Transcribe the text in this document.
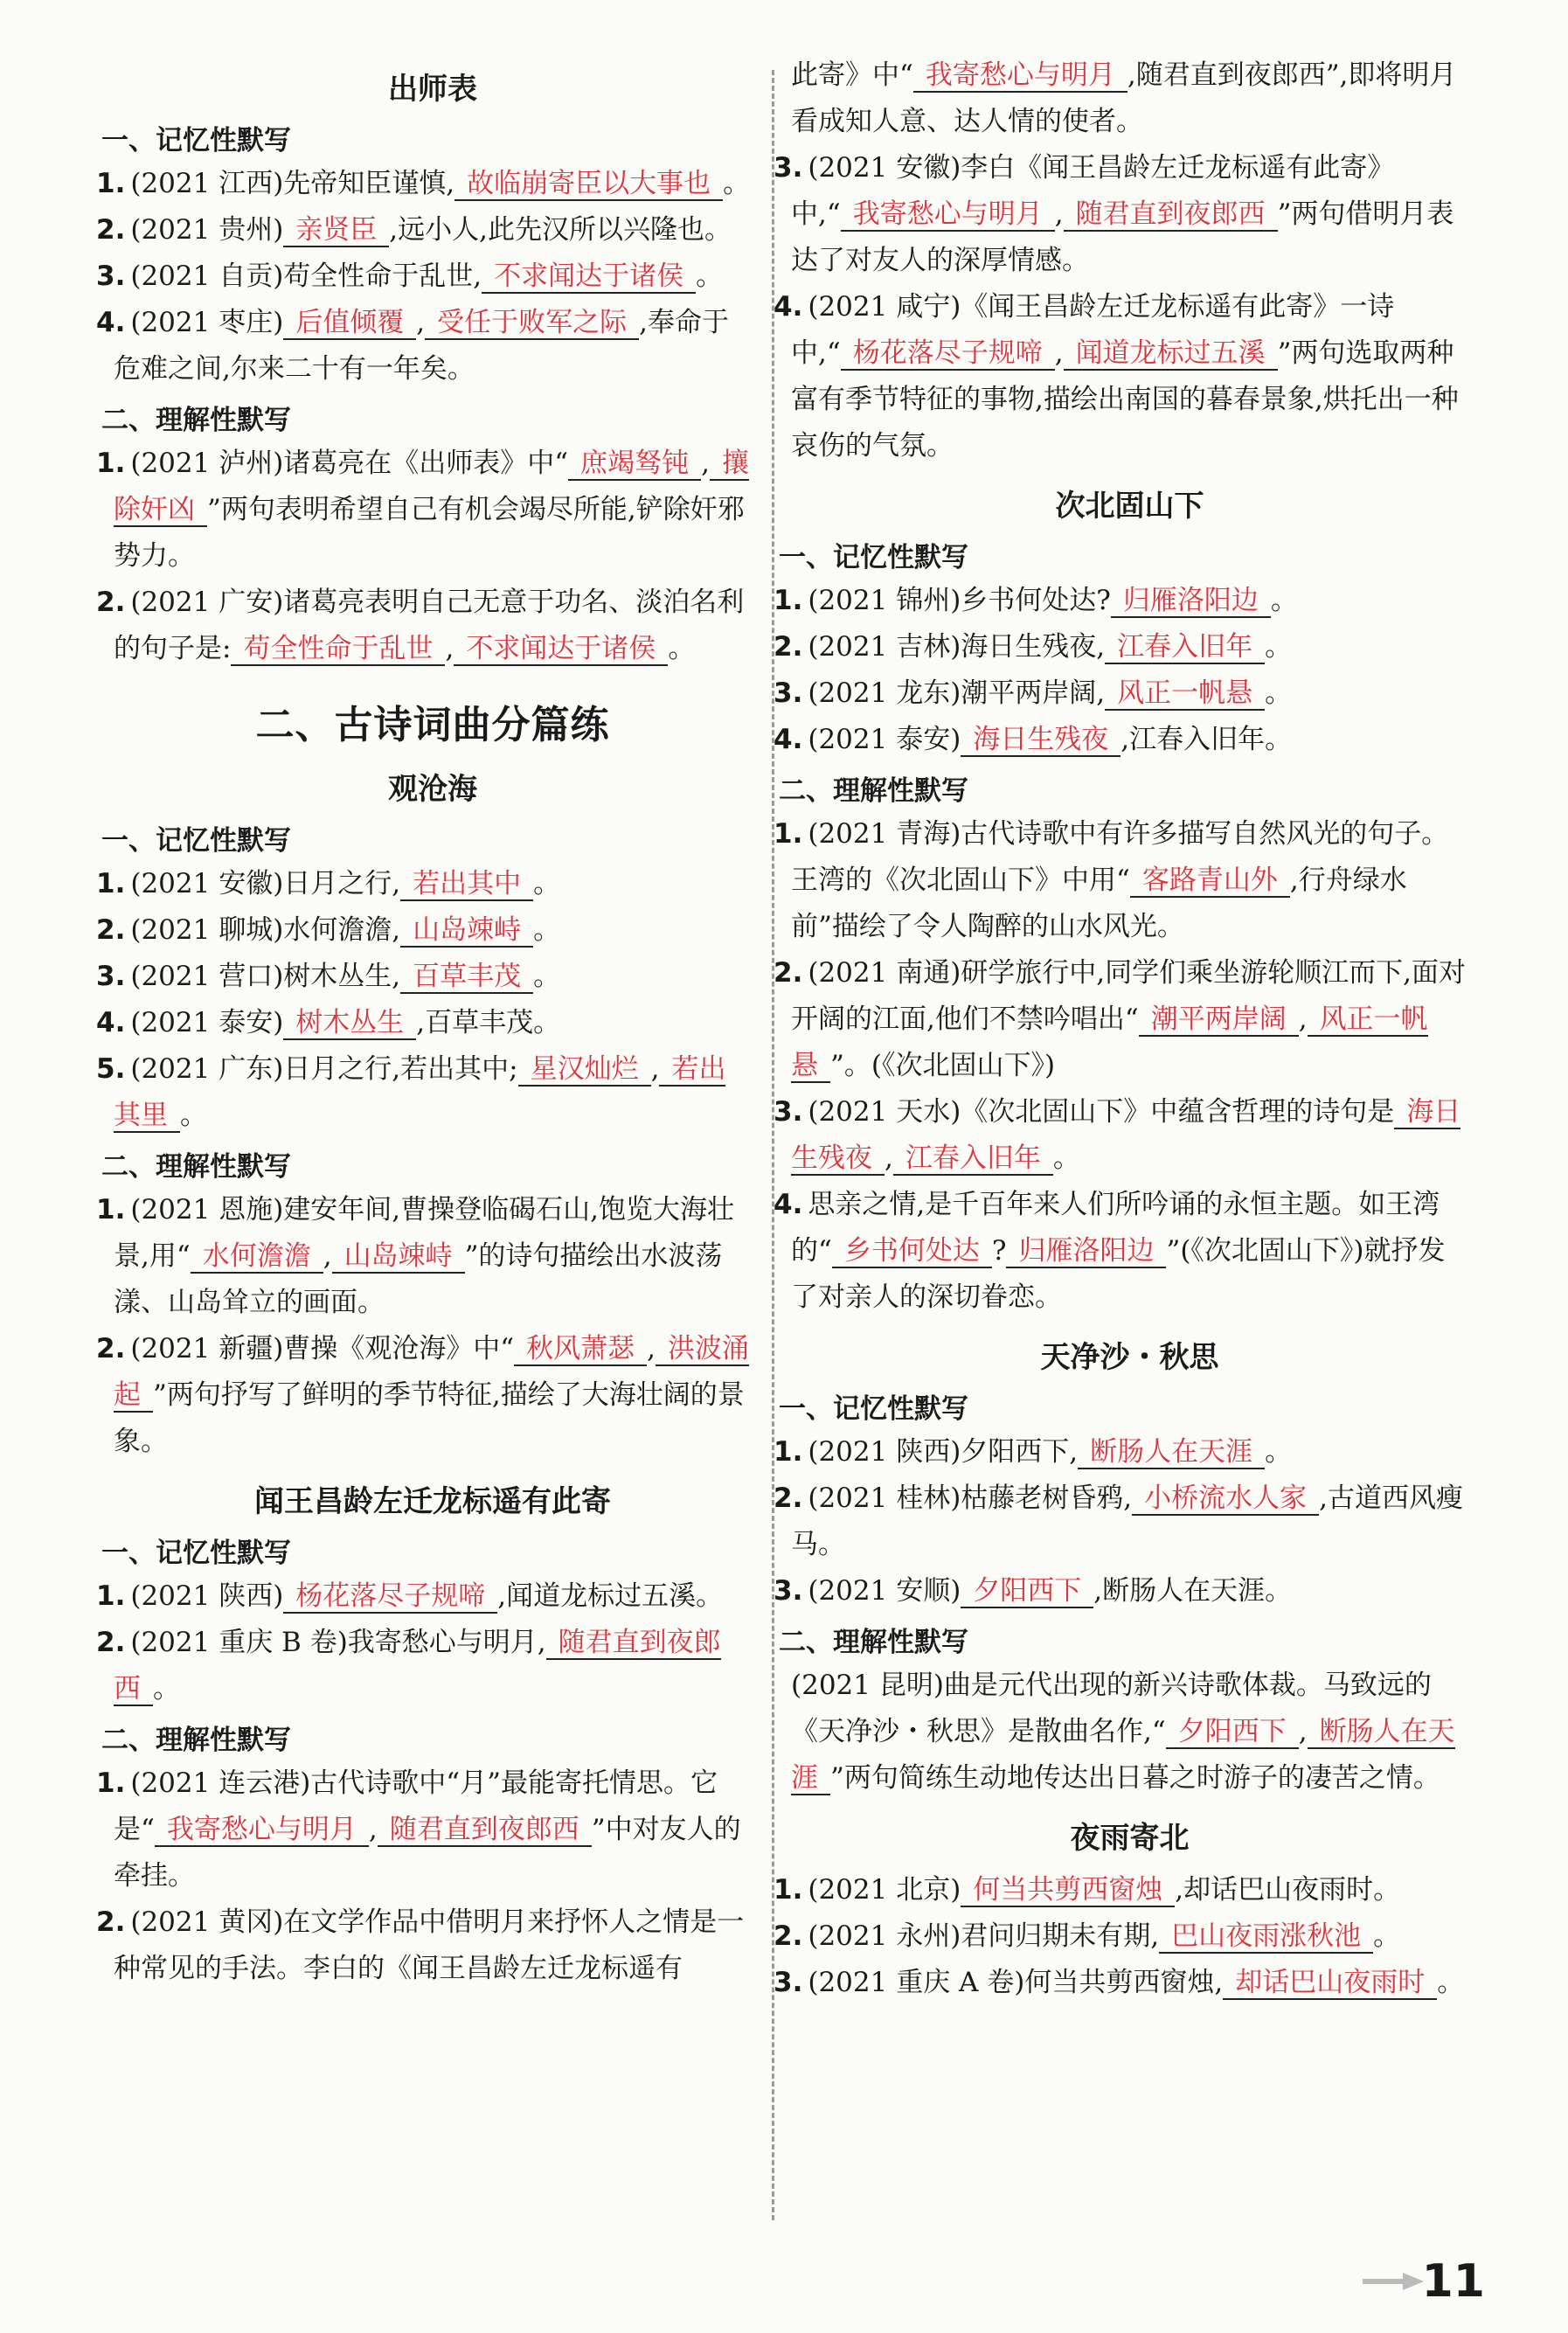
出师表
一、记忆性默写
1. (2021 江西)先帝知臣谨慎, 故临崩寄臣以大事也 。
2. (2021 贵州) 亲贤臣 ,远小人,此先汉所以兴隆也。
3. (2021 自贡)苟全性命于乱世, 不求闻达于诸侯 。
4. (2021 枣庄) 后值倾覆 , 受任于败军之际 ,奉命于危难之间,尔来二十有一年矣。
二、理解性默写
1. (2021 泸州)诸葛亮在《出师表》中“ 庶竭驽钝 , 攘除奸凶 ”两句表明希望自己有机会竭尽所能,铲除奸邪势力。
2. (2021 广安)诸葛亮表明自己无意于功名、淡泊名利的句子是: 苟全性命于乱世 , 不求闻达于诸侯 。
二、古诗词曲分篇练
观沧海
一、记忆性默写
1. (2021 安徽)日月之行, 若出其中 。
2. (2021 聊城)水何澹澹, 山岛竦峙 。
3. (2021 营口)树木丛生, 百草丰茂 。
4. (2021 泰安) 树木丛生 ,百草丰茂。
5. (2021 广东)日月之行,若出其中; 星汉灿烂 , 若出其里 。
二、理解性默写
1. (2021 恩施)建安年间,曹操登临碣石山,饱览大海壮景,用“ 水何澹澹 , 山岛竦峙 ”的诗句描绘出水波荡漾、山岛耸立的画面。
2. (2021 新疆)曹操《观沧海》中“ 秋风萧瑟 , 洪波涌起 ”两句抒写了鲜明的季节特征,描绘了大海壮阔的景象。
闻王昌龄左迁龙标遥有此寄
一、记忆性默写
1. (2021 陕西) 杨花落尽子规啼 ,闻道龙标过五溪。
2. (2021 重庆 B 卷)我寄愁心与明月, 随君直到夜郎西 。
二、理解性默写
1. (2021 连云港)古代诗歌中“月”最能寄托情思。它是“ 我寄愁心与明月 , 随君直到夜郎西 ”中对友人的牵挂。
2. (2021 黄冈)在文学作品中借明月来抒怀人之情是一种常见的手法。李白的《闻王昌龄左迁龙标遥有
此寄》中“ 我寄愁心与明月 ,随君直到夜郎西”,即将明月看成知人意、达人情的使者。
3. (2021 安徽)李白《闻王昌龄左迁龙标遥有此寄》中,“ 我寄愁心与明月 , 随君直到夜郎西 ”两句借明月表达了对友人的深厚情感。
4. (2021 咸宁)《闻王昌龄左迁龙标遥有此寄》一诗中,“ 杨花落尽子规啼 , 闻道龙标过五溪 ”两句选取两种富有季节特征的事物,描绘出南国的暮春景象,烘托出一种哀伤的气氛。
次北固山下
一、记忆性默写
1. (2021 锦州)乡书何处达? 归雁洛阳边 。
2. (2021 吉林)海日生残夜, 江春入旧年 。
3. (2021 龙东)潮平两岸阔, 风正一帆悬 。
4. (2021 泰安) 海日生残夜 ,江春入旧年。
二、理解性默写
1. (2021 青海)古代诗歌中有许多描写自然风光的句子。王湾的《次北固山下》中用“ 客路青山外 ,行舟绿水前”描绘了令人陶醉的山水风光。
2. (2021 南通)研学旅行中,同学们乘坐游轮顺江而下,面对开阔的江面,他们不禁吟唱出“ 潮平两岸阔 , 风正一帆悬 ”。(《次北固山下》)
3. (2021 天水)《次北固山下》中蕴含哲理的诗句是 海日生残夜 , 江春入旧年 。
4. 思亲之情,是千百年来人们所吟诵的永恒主题。如王湾的“ 乡书何处达 ? 归雁洛阳边 ”(《次北固山下》)就抒发了对亲人的深切眷恋。
天净沙・秋思
一、记忆性默写
1. (2021 陕西)夕阳西下, 断肠人在天涯 。
2. (2021 桂林)枯藤老树昏鸦, 小桥流水人家 ,古道西风瘦马。
3. (2021 安顺) 夕阳西下 ,断肠人在天涯。
二、理解性默写
(2021 昆明)曲是元代出现的新兴诗歌体裁。马致远的《天净沙・秋思》是散曲名作,“ 夕阳西下 , 断肠人在天涯 ”两句简练生动地传达出日暮之时游子的凄苦之情。
夜雨寄北
1. (2021 北京) 何当共剪西窗烛 ,却话巴山夜雨时。
2. (2021 永州)君问归期未有期, 巴山夜雨涨秋池 。
3. (2021 重庆 A 卷)何当共剪西窗烛, 却话巴山夜雨时 。
11
